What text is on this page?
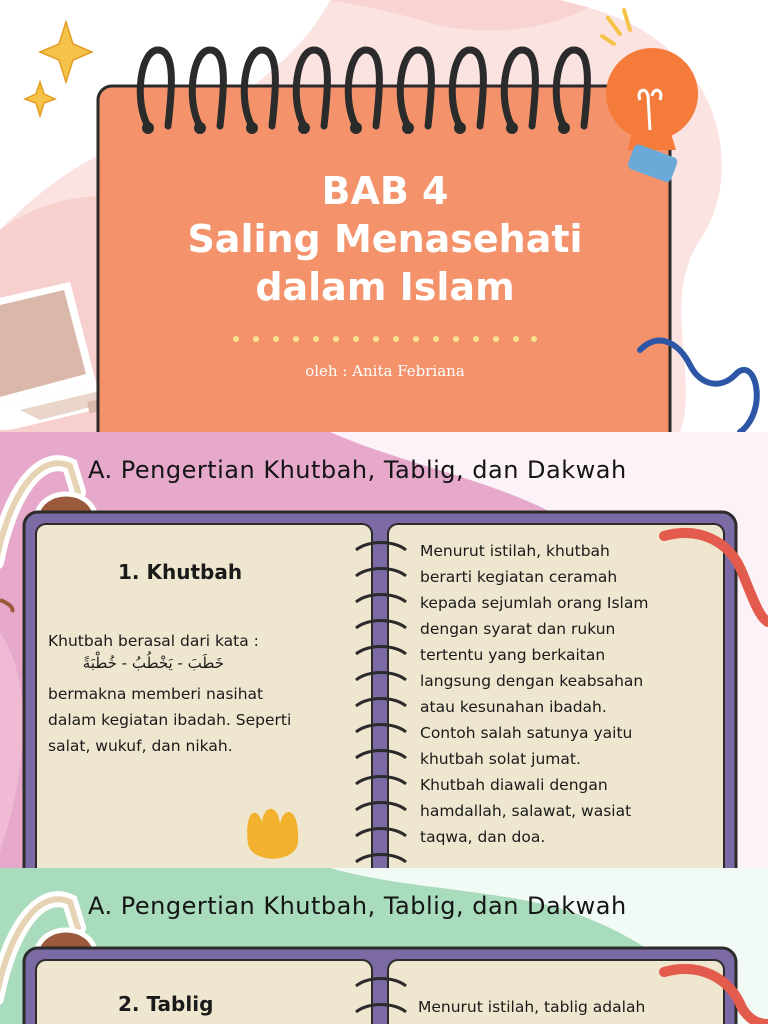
BAB 4
Saling Menasehati
dalam Islam
oleh : Anita Febriana
A. Pengertian Khutbah, Tablig, dan Dakwah
1. Khutbah
Khutbah berasal dari kata :
خَطَبَ - يَخْطُبُ - خُطْبَةً
bermakna memberi nasihat
dalam kegiatan ibadah. Seperti
salat, wukuf, dan nikah.
Menurut istilah, khutbah
berarti kegiatan ceramah
kepada sejumlah orang Islam
dengan syarat dan rukun
tertentu yang berkaitan
langsung dengan keabsahan
atau kesunahan ibadah.
Contoh salah satunya yaitu
khutbah solat jumat.
Khutbah diawali dengan
hamdallah, salawat, wasiat
taqwa, dan doa.
A. Pengertian Khutbah, Tablig, dan Dakwah
2. Tablig	Menurut istilah, tablig adalah
